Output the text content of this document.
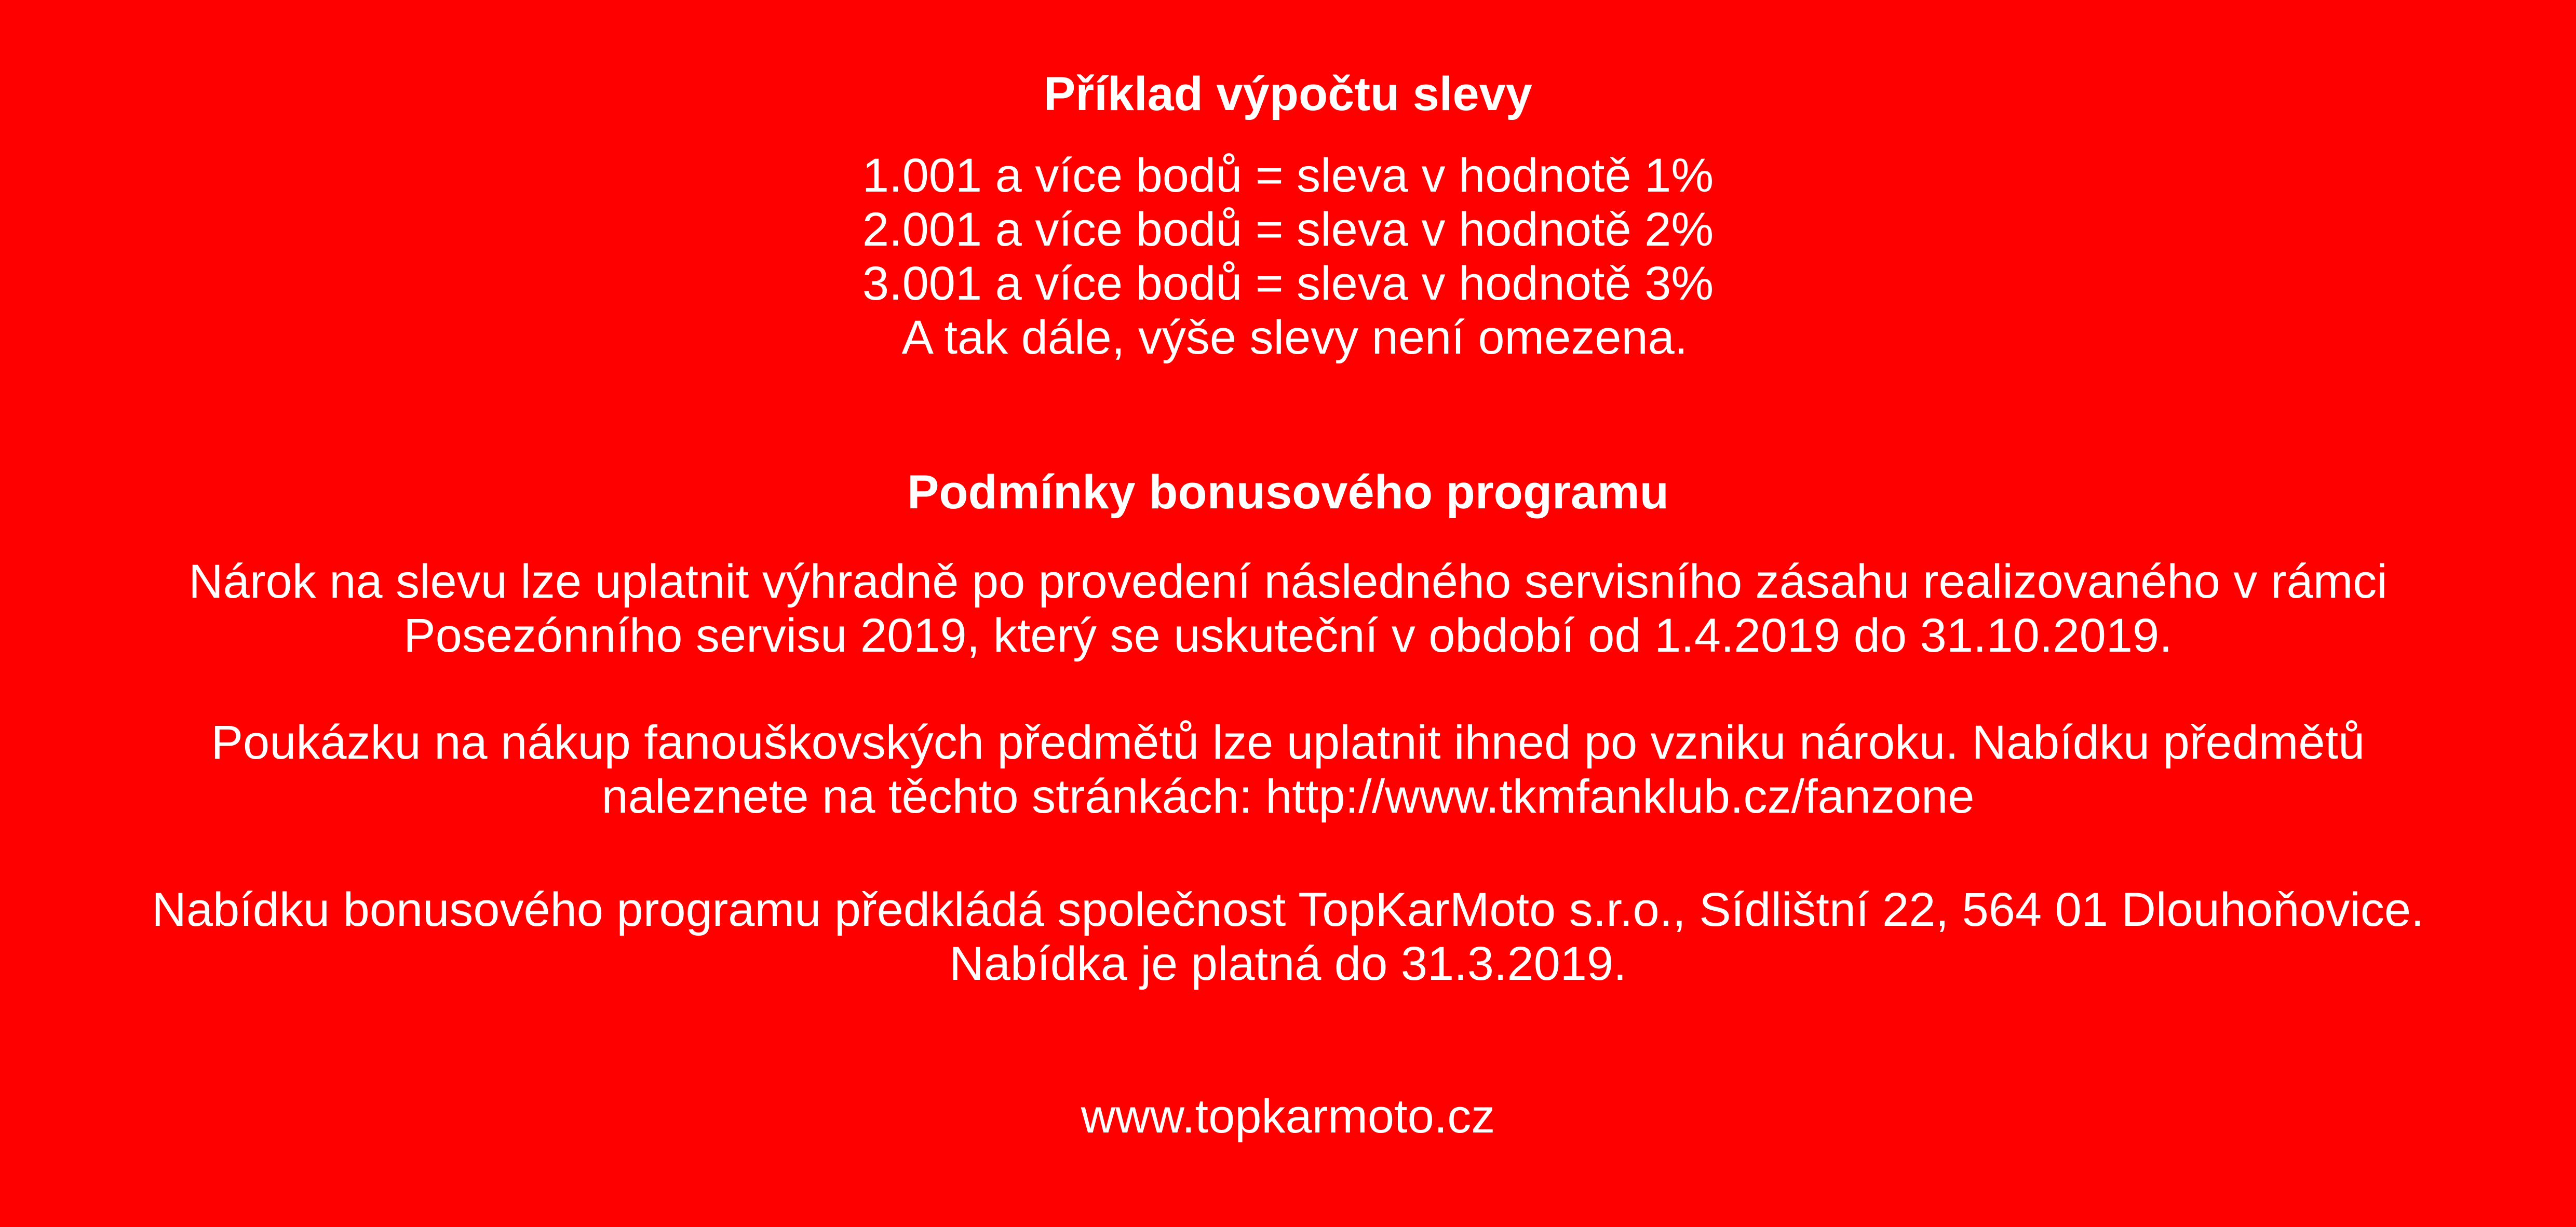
Příklad výpočtu slevy
1.001 a více bodů = sleva v hodnotě 1%
2.001 a více bodů = sleva v hodnotě 2%
3.001 a více bodů = sleva v hodnotě 3%
A tak dále, výše slevy není omezena.
Podmínky bonusového programu
Nárok na slevu lze uplatnit výhradně po provedení následného servisního zásahu realizovaného v rámci
Posezónního servisu 2019, který se uskuteční v období od 1.4.2019 do 31.10.2019.
Poukázku na nákup fanouškovských předmětů lze uplatnit ihned po vzniku nároku. Nabídku předmětů
naleznete na těchto stránkách: http://www.tkmfanklub.cz/fanzone
Nabídku bonusového programu předkládá společnost TopKarMoto s.r.o., Sídlištní 22, 564 01 Dlouhoňovice.
Nabídka je platná do 31.3.2019.
www.topkarmoto.cz
